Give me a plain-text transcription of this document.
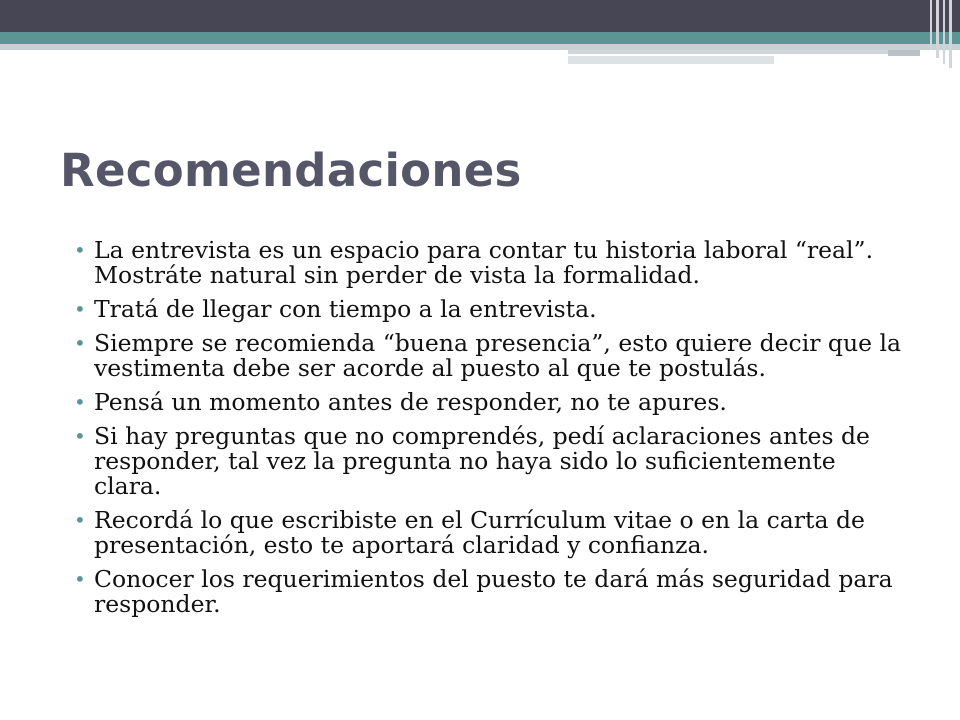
Recomendaciones
• La entrevista es un espacio para contar tu historia laboral “real”. Mostráte natural sin perder de vista la formalidad.
• Tratá de llegar con tiempo a la entrevista.
• Siempre se recomienda “buena presencia”, esto quiere decir que la vestimenta debe ser acorde al puesto al que te postulás.
• Pensá un momento antes de responder, no te apures.
• Si hay preguntas que no comprendés, pedí aclaraciones antes de responder, tal vez la pregunta no haya sido lo suficientemente clara.
• Recordá lo que escribiste en el Currículum vitae o en la carta de presentación, esto te aportará claridad y confianza.
• Conocer los requerimientos del puesto te dará más seguridad para responder.
